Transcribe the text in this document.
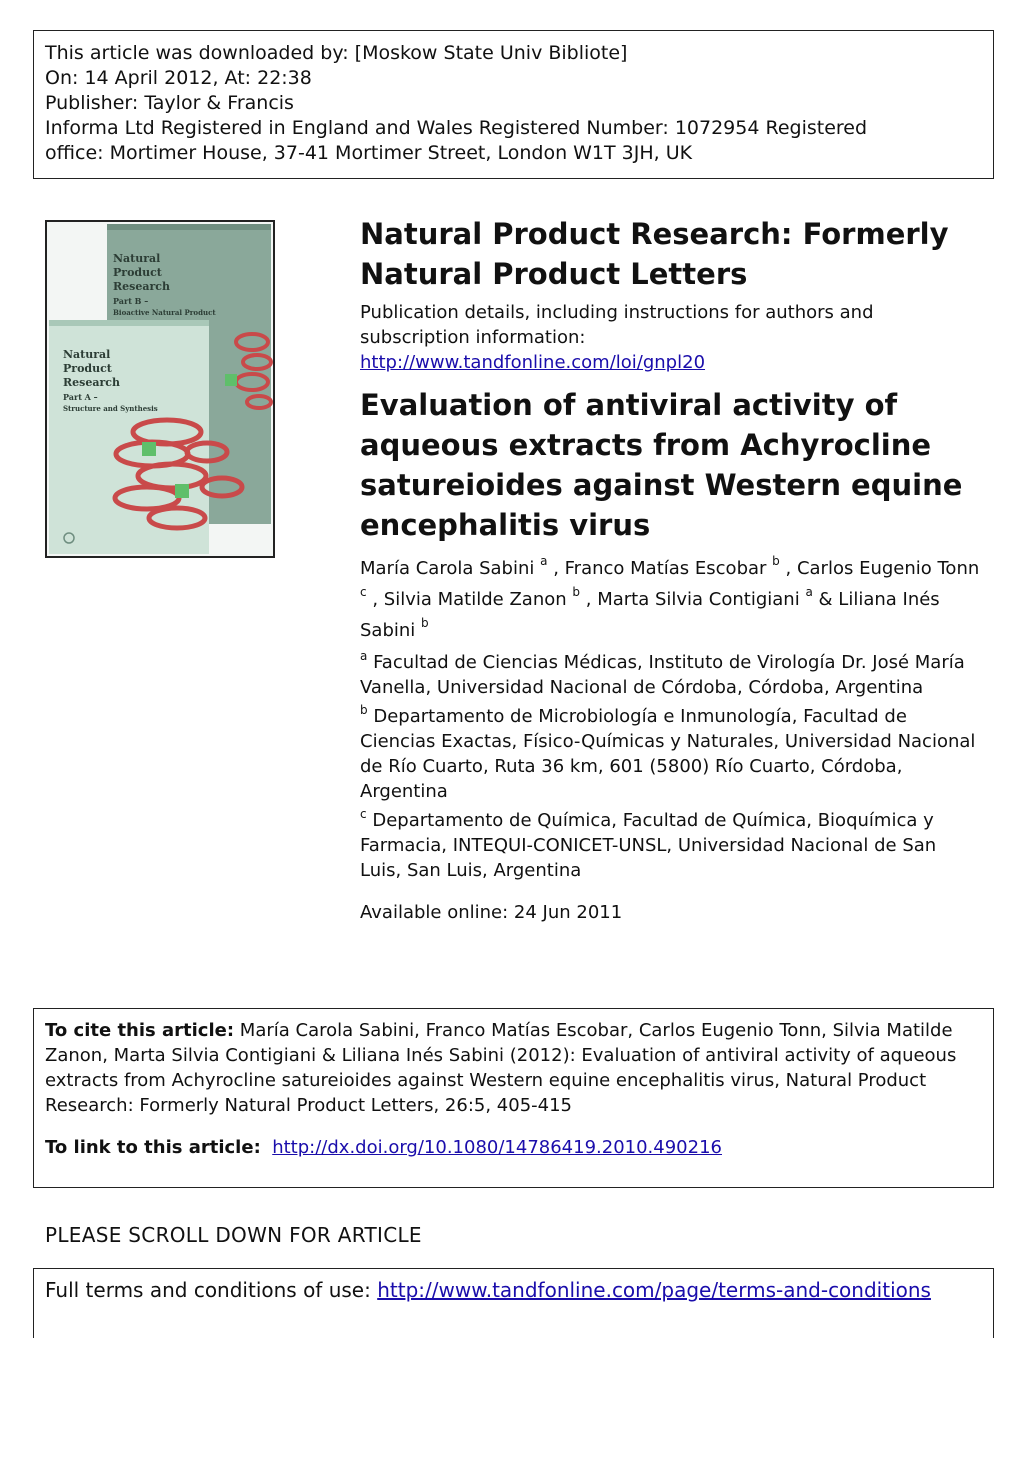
This article was downloaded by: [Moskow State Univ Bibliote]
On: 14 April 2012, At: 22:38
Publisher: Taylor & Francis
Informa Ltd Registered in England and Wales Registered Number: 1072954 Registered
office: Mortimer House, 37-41 Mortimer Street, London W1T 3JH, UK
Natural
Product
Research
Part B –
Bioactive Natural Product
Natural
Product
Research
Part A –
Structure and Synthesis
Natural Product Research: Formerly Natural Product Letters
Publication details, including instructions for authors and subscription information:
http://www.tandfonline.com/loi/gnpl20
Evaluation of antiviral activity of aqueous extracts from Achyrocline satureioides against Western equine encephalitis virus
María Carola Sabini $^a$ , Franco Matías Escobar $^b$ , Carlos Eugenio Tonn $^c$ , Silvia Matilde Zanon $^b$ , Marta Silvia Contigiani $^a$ & Liliana Inés Sabini $^b$
$^a$ Facultad de Ciencias Médicas, Instituto de Virología Dr. José María Vanella, Universidad Nacional de Córdoba, Córdoba, Argentina
$^b$ Departamento de Microbiología e Inmunología, Facultad de Ciencias Exactas, Físico-Químicas y Naturales, Universidad Nacional de Río Cuarto, Ruta 36 km, 601 (5800) Río Cuarto, Córdoba, Argentina
$^c$ Departamento de Química, Facultad de Química, Bioquímica y Farmacia, INTEQUI-CONICET-UNSL, Universidad Nacional de San Luis, San Luis, Argentina
Available online: 24 Jun 2011
To cite this article: María Carola Sabini, Franco Matías Escobar, Carlos Eugenio Tonn, Silvia Matilde Zanon, Marta Silvia Contigiani & Liliana Inés Sabini (2012): Evaluation of antiviral activity of aqueous extracts from Achyrocline satureioides against Western equine encephalitis virus, Natural Product Research: Formerly Natural Product Letters, 26:5, 405-415
To link to this article: http://dx.doi.org/10.1080/14786419.2010.490216
PLEASE SCROLL DOWN FOR ARTICLE
Full terms and conditions of use: http://www.tandfonline.com/page/terms-and-conditions
